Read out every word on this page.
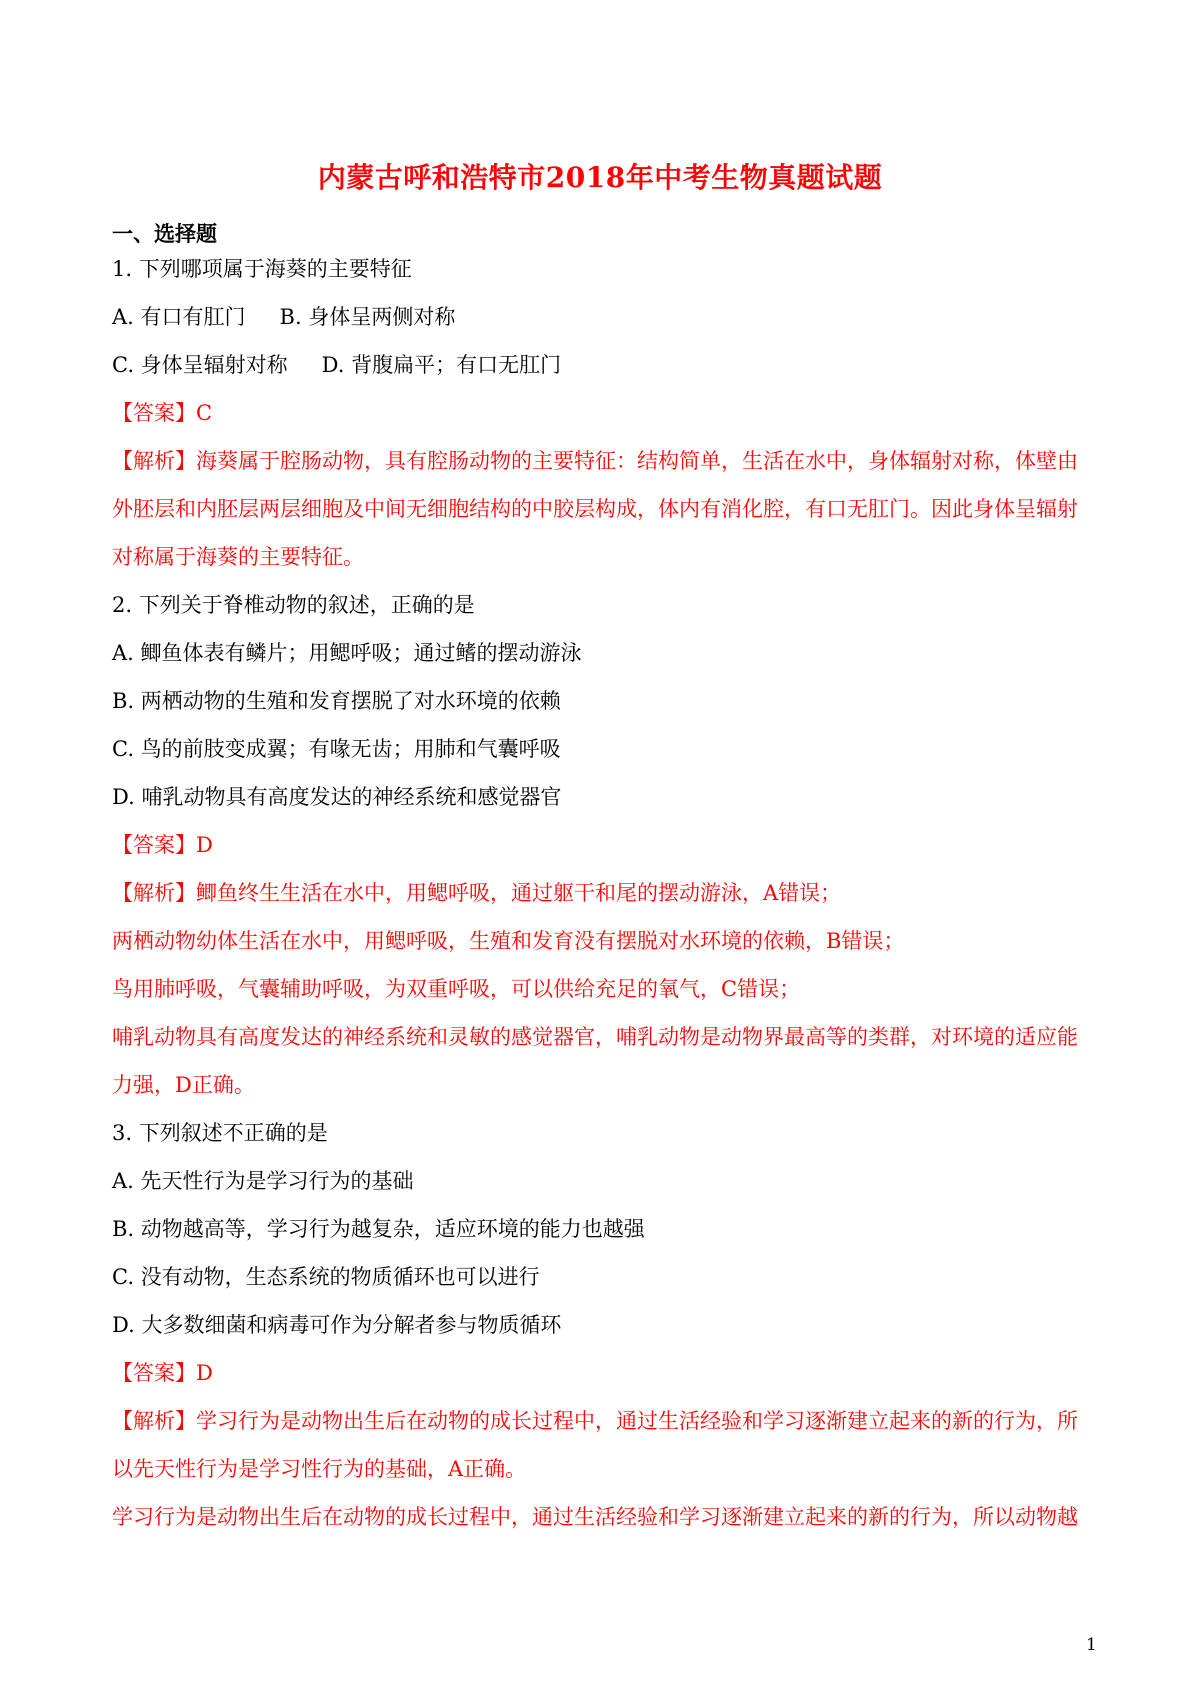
内蒙古呼和浩特市2018年中考生物真题试题
一、选择题
1. 下列哪项属于海葵的主要特征
A. 有口有肛门 B. 身体呈两侧对称
C. 身体呈辐射对称 D. 背腹扁平；有口无肛门
【答案】C
【解析】海葵属于腔肠动物，具有腔肠动物的主要特征：结构简单，生活在水中，身体辐射对称，体壁由
外胚层和内胚层两层细胞及中间无细胞结构的中胶层构成，体内有消化腔，有口无肛门。因此身体呈辐射
对称属于海葵的主要特征。
2. 下列关于脊椎动物的叙述，正确的是
A. 鲫鱼体表有鳞片；用鳃呼吸；通过鳍的摆动游泳
B. 两栖动物的生殖和发育摆脱了对水环境的依赖
C. 鸟的前肢变成翼；有喙无齿；用肺和气囊呼吸
D. 哺乳动物具有高度发达的神经系统和感觉器官
【答案】D
【解析】鲫鱼终生生活在水中，用鳃呼吸，通过躯干和尾的摆动游泳，A错误；
两栖动物幼体生活在水中，用鳃呼吸，生殖和发育没有摆脱对水环境的依赖，B错误；
鸟用肺呼吸，气囊辅助呼吸，为双重呼吸，可以供给充足的氧气，C错误；
哺乳动物具有高度发达的神经系统和灵敏的感觉器官，哺乳动物是动物界最高等的类群，对环境的适应能
力强，D正确。
3. 下列叙述不正确的是
A. 先天性行为是学习行为的基础
B. 动物越高等，学习行为越复杂，适应环境的能力也越强
C. 没有动物，生态系统的物质循环也可以进行
D. 大多数细菌和病毒可作为分解者参与物质循环
【答案】D
【解析】学习行为是动物出生后在动物的成长过程中，通过生活经验和学习逐渐建立起来的新的行为，所
以先天性行为是学习性行为的基础，A正确。
学习行为是动物出生后在动物的成长过程中，通过生活经验和学习逐渐建立起来的新的行为，所以动物越
1
